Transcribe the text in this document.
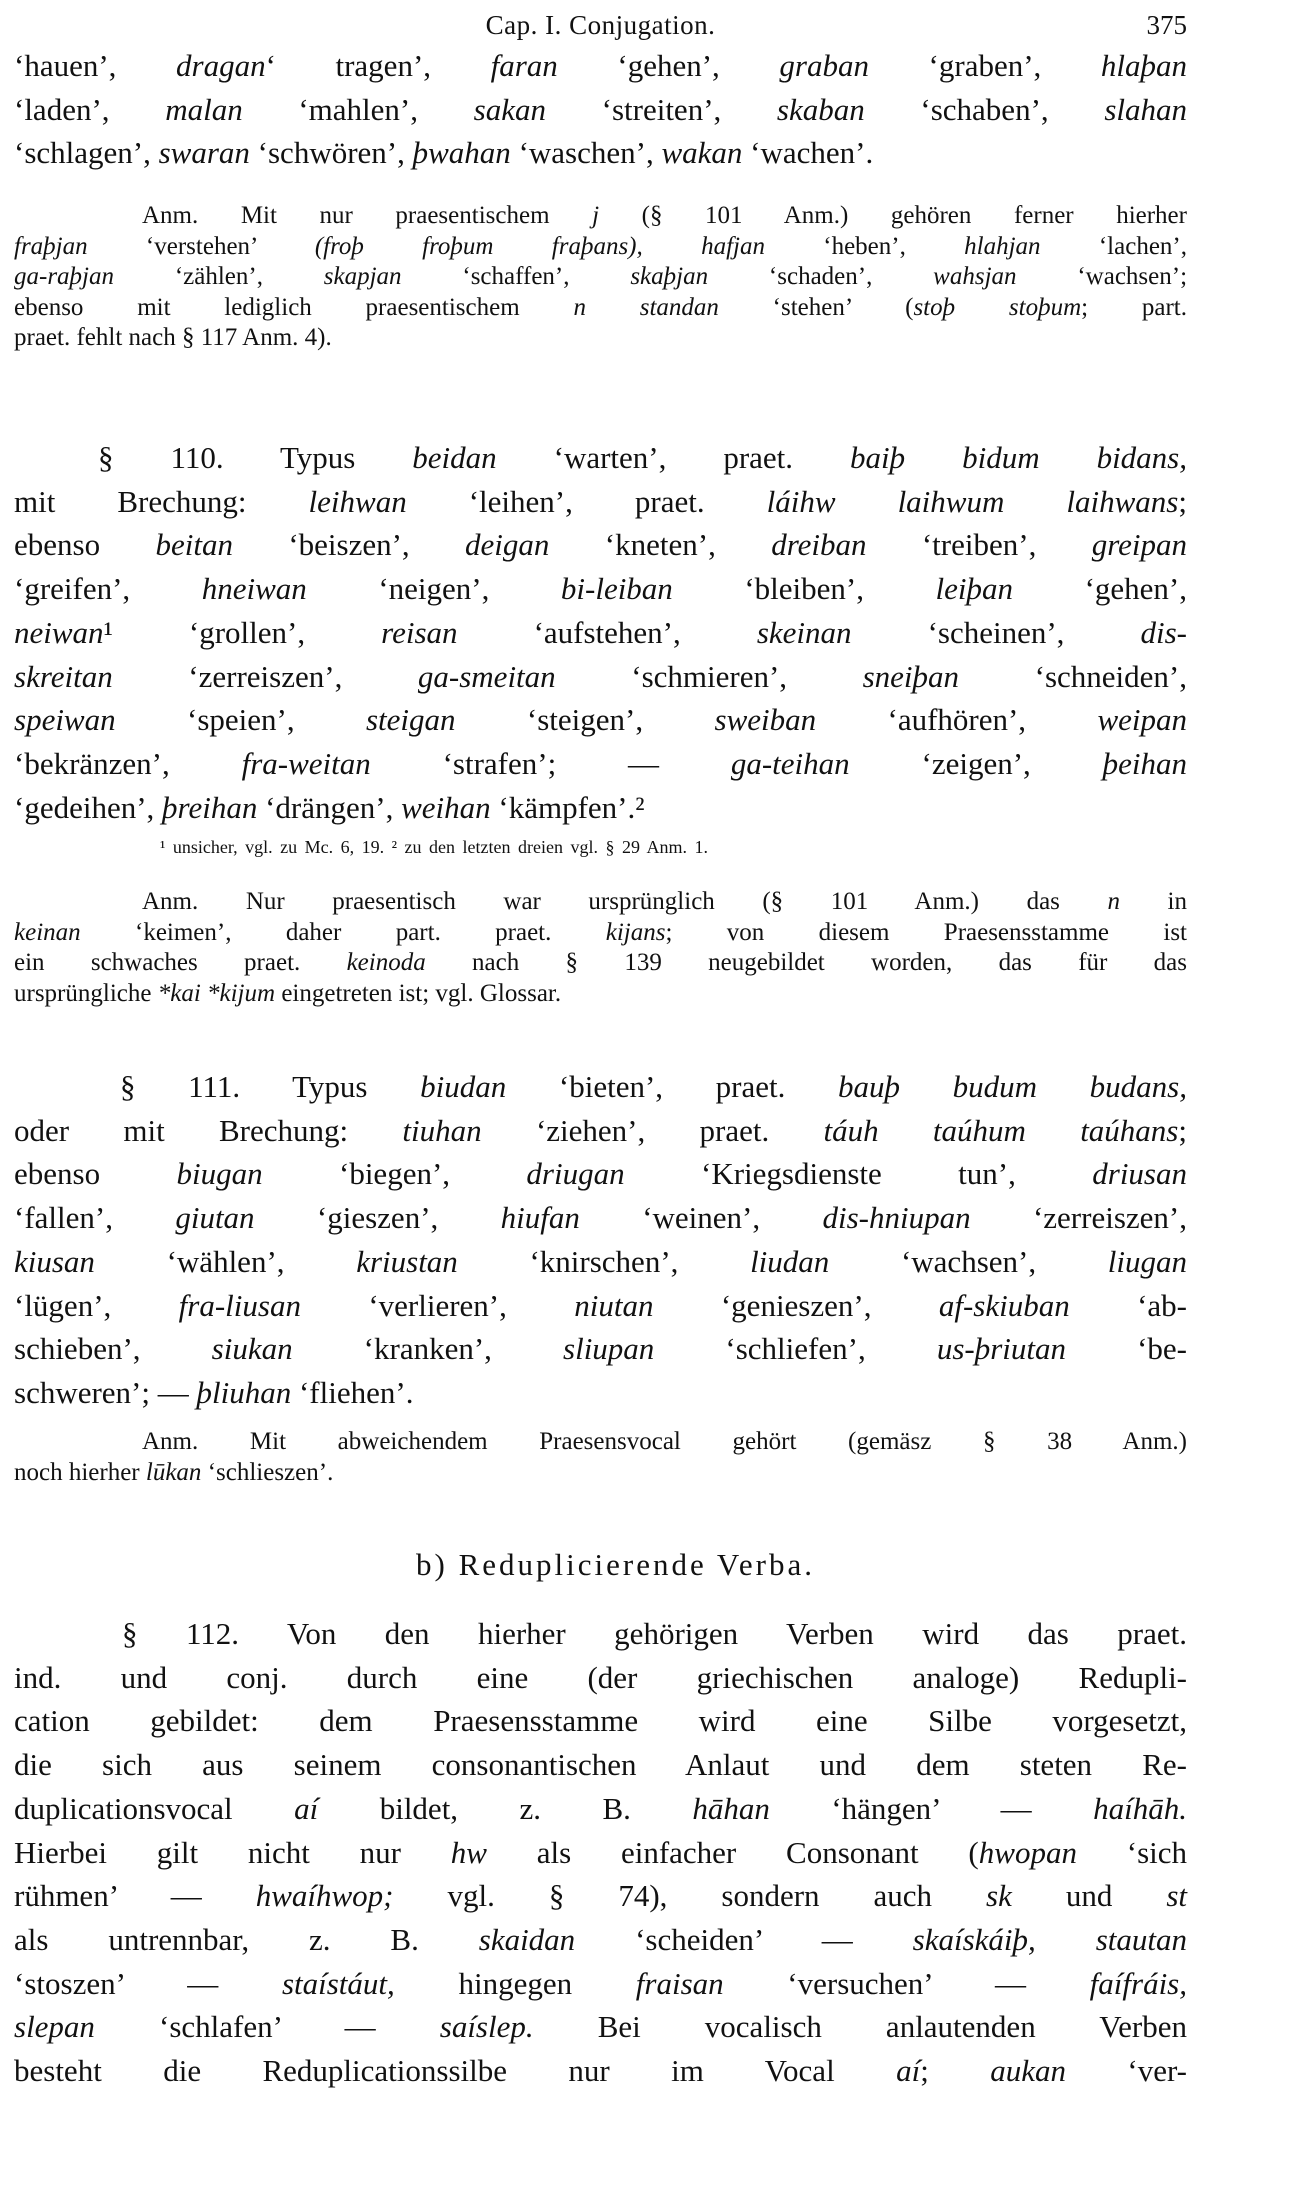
Cap. I. Conjugation.	375
‘hauen’, dragan‘ tragen’, faran ‘gehen’, graban ‘graben’, hlaþan
‘laden’, malan ‘mahlen’, sakan ‘streiten’, skaban ‘schaben’, slahan
‘schlagen’, swaran ‘schwören’, þwahan ‘waschen’, wakan ‘wachen’.
Anm. Mit nur praesentischem j (§ 101 Anm.) gehören ferner hierher
fraþjan ‘verstehen’ (froþ froþum fraþans), hafjan ‘heben’, hlahjan ‘lachen’,
ga-raþjan ‘zählen’, skapjan ‘schaffen’, skaþjan ‘schaden’, wahsjan ‘wachsen’;
ebenso mit lediglich praesentischem n standan ‘stehen’ (stoþ stoþum; part.
praet. fehlt nach § 117 Anm. 4).
§ 110. Typus beidan ‘warten’, praet. baiþ bidum bidans,
mit Brechung: leihwan ‘leihen’, praet. láihw laihwum laihwans;
ebenso beitan ‘beiszen’, deigan ‘kneten’, dreiban ‘treiben’, greipan
‘greifen’, hneiwan ‘neigen’, bi-leiban ‘bleiben’, leiþan ‘gehen’,
neiwan¹ ‘grollen’, reisan ‘aufstehen’, skeinan ‘scheinen’, dis-
skreitan ‘zerreiszen’, ga-smeitan ‘schmieren’, sneiþan ‘schneiden’,
speiwan ‘speien’, steigan ‘steigen’, sweiban ‘aufhören’, weipan
‘bekränzen’, fra-weitan ‘strafen’; — ga-teihan ‘zeigen’, þeihan
‘gedeihen’, þreihan ‘drängen’, weihan ‘kämpfen’.²
¹ unsicher, vgl. zu Mc. 6, 19. ² zu den letzten dreien vgl. § 29 Anm. 1.
Anm. Nur praesentisch war ursprünglich (§ 101 Anm.) das n in
keinan ‘keimen’, daher part. praet. kijans; von diesem Praesensstamme ist
ein schwaches praet. keinoda nach § 139 neugebildet worden, das für das
ursprüngliche *kai *kijum eingetreten ist; vgl. Glossar.
§ 111. Typus biudan ‘bieten’, praet. bauþ budum budans,
oder mit Brechung: tiuhan ‘ziehen’, praet. táuh taúhum taúhans;
ebenso biugan ‘biegen’, driugan ‘Kriegsdienste tun’, driusan
‘fallen’, giutan ‘gieszen’, hiufan ‘weinen’, dis-hniupan ‘zerreiszen’,
kiusan ‘wählen’, kriustan ‘knirschen’, liudan ‘wachsen’, liugan
‘lügen’, fra-liusan ‘verlieren’, niutan ‘genieszen’, af-skiuban ‘ab-
schieben’, siukan ‘kranken’, sliupan ‘schliefen’, us-þriutan ‘be-
schweren’; — þliuhan ‘fliehen’.
Anm. Mit abweichendem Praesensvocal gehört (gemäsz § 38 Anm.)
noch hierher lūkan ‘schlieszen’.
b) Reduplicierende Verba.
§ 112. Von den hierher gehörigen Verben wird das praet.
ind. und conj. durch eine (der griechischen analoge) Redupli-
cation gebildet: dem Praesensstamme wird eine Silbe vorgesetzt,
die sich aus seinem consonantischen Anlaut und dem steten Re-
duplicationsvocal aí bildet, z. B. hāhan ‘hängen’ — haíhāh.
Hierbei gilt nicht nur hw als einfacher Consonant (hwopan ‘sich
rühmen’ — hwaíhwop; vgl. § 74), sondern auch sk und st
als untrennbar, z. B. skaidan ‘scheiden’ — skaískáiþ, stautan
‘stoszen’ — staístáut, hingegen fraisan ‘versuchen’ — faífráis,
slepan ‘schlafen’ — saíslep. Bei vocalisch anlautenden Verben
besteht die Reduplicationssilbe nur im Vocal aí; aukan ‘ver-
